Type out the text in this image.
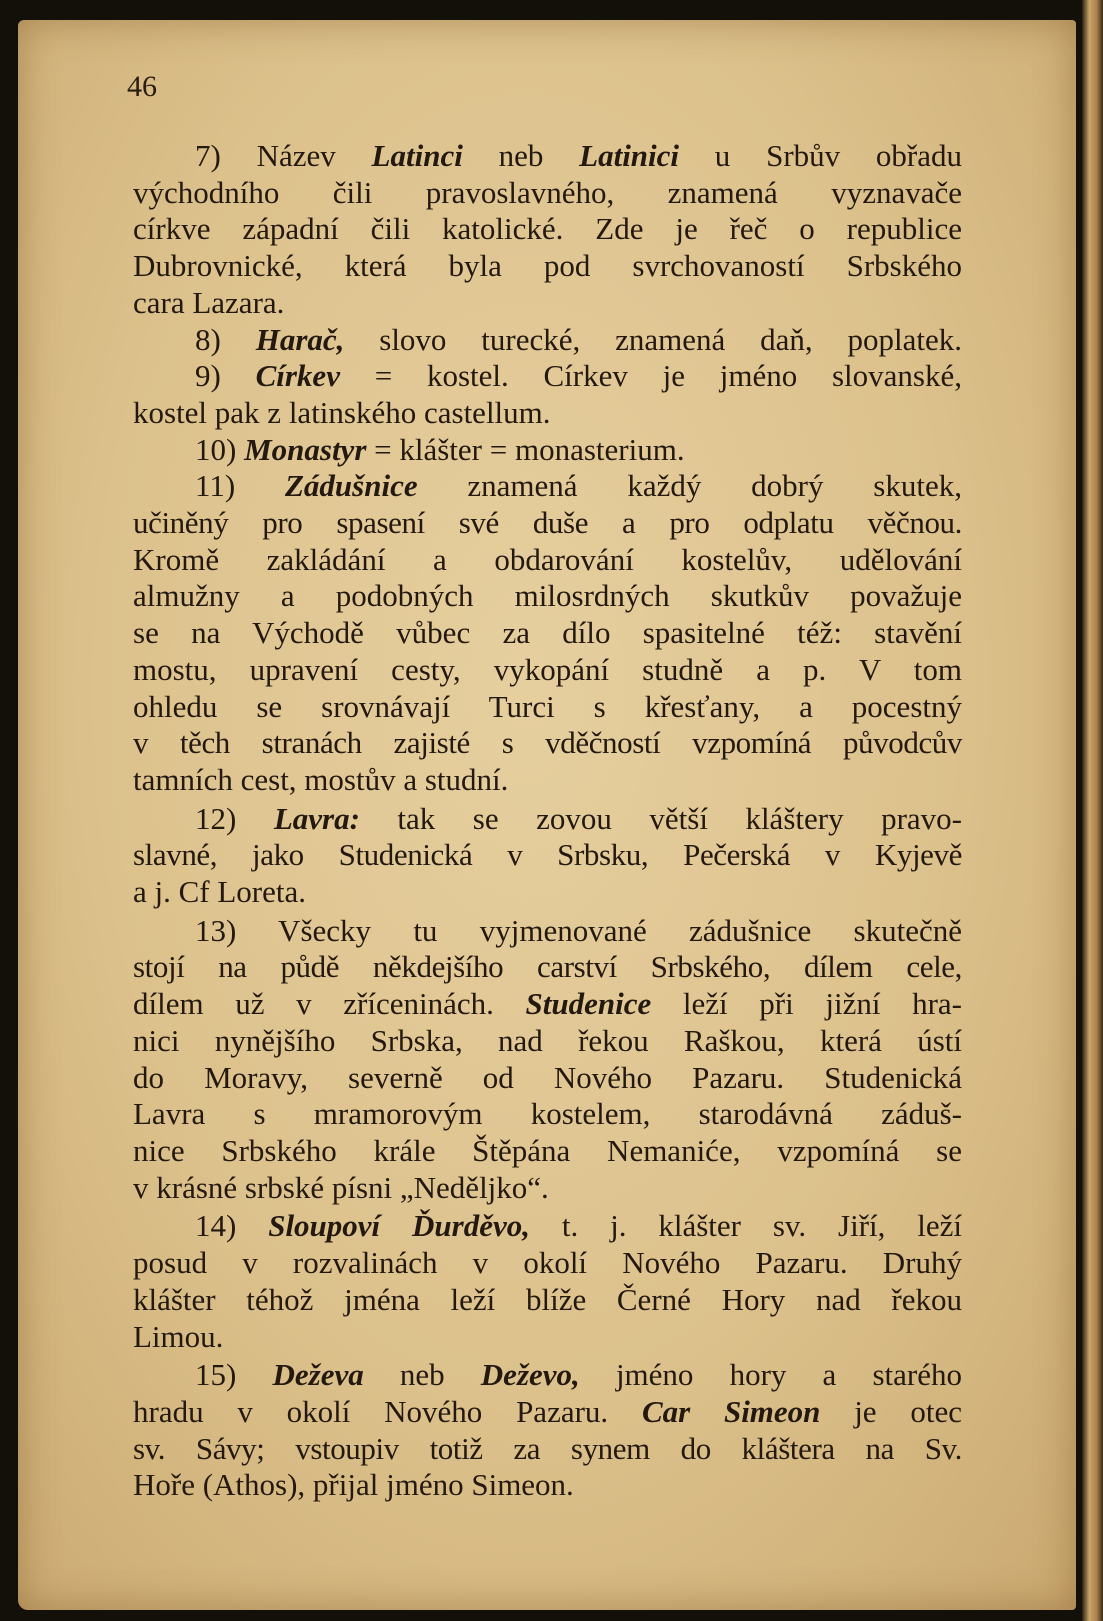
46
7) Název Latinci neb Latinici u Srbův obřadu
východního čili pravoslavného, znamená vyznavače
církve západní čili katolické. Zde je řeč o republice
Dubrovnické, která byla pod svrchovaností Srbského
cara Lazara.
8) Harač, slovo turecké, znamená daň, poplatek.
9) Církev = kostel. Církev je jméno slovanské,
kostel pak z latinského castellum.
10) Monastyr = klášter = monasterium.
11) Zádušnice znamená každý dobrý skutek,
učiněný pro spasení své duše a pro odplatu věčnou.
Kromě zakládání a obdarování kostelův, udělování
almužny a podobných milosrdných skutkův považuje
se na Východě vůbec za dílo spasitelné též: stavění
mostu, upravení cesty, vykopání studně a p. V tom
ohledu se srovnávají Turci s křesťany, a pocestný
v těch stranách zajisté s vděčností vzpomíná původcův
tamních cest, mostův a studní.
12) Lavra: tak se zovou větší kláštery pravo-
slavné, jako Studenická v Srbsku, Pečerská v Kyjevě
a j. Cf Loreta.
13) Všecky tu vyjmenované zádušnice skutečně
stojí na půdě někdejšího carství Srbského, dílem cele,
dílem už v zříceninách. Studenice leží při jižní hra-
nici nynějšího Srbska, nad řekou Raškou, která ústí
do Moravy, severně od Nového Pazaru. Studenická
Lavra s mramorovým kostelem, starodávná záduš-
nice Srbského krále Štěpána Nemaniće, vzpomíná se
v krásné srbské písni „Neděljko“.
14) Sloupoví Ďurděvo, t. j. klášter sv. Jiří, leží
posud v rozvalinách v okolí Nového Pazaru. Druhý
klášter téhož jména leží blíže Černé Hory nad řekou
Limou.
15) Deževa neb Deževo, jméno hory a starého
hradu v okolí Nového Pazaru. Car Simeon je otec
sv. Sávy; vstoupiv totiž za synem do kláštera na Sv.
Hoře (Athos), přijal jméno Simeon.
